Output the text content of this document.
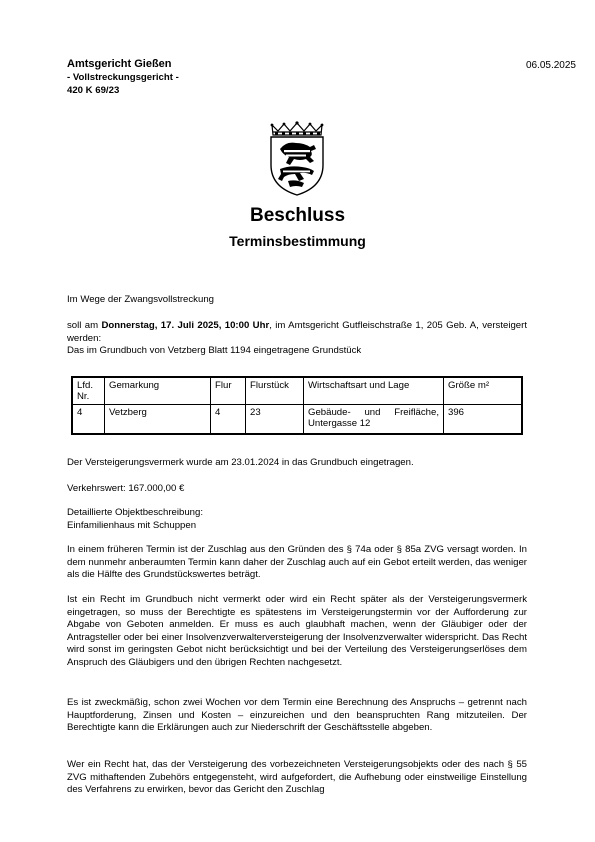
Amtsgericht Gießen
- Vollstreckungsgericht -
420 K 69/23
06.05.2025
Beschluss
Terminsbestimmung
Im Wege der Zwangsvollstreckung
soll am Donnerstag, 17. Juli 2025, 10:00 Uhr, im Amtsgericht Gutfleischstraße 1, 205 Geb. A, versteigert werden:
Das im Grundbuch von Vetzberg Blatt 1194 eingetragene Grundstück
Lfd. Nr.	Gemarkung	Flur	Flurstück	Wirtschaftsart und Lage	Größe m²
4	Vetzberg	4	23	Gebäude- und Freifläche, Untergasse 12	396
Der Versteigerungsvermerk wurde am 23.01.2024 in das Grundbuch eingetragen.
Verkehrswert: 167.000,00 €
Detaillierte Objektbeschreibung:
Einfamilienhaus mit Schuppen
In einem früheren Termin ist der Zuschlag aus den Gründen des § 74a oder § 85a ZVG versagt worden. In dem nunmehr anberaumten Termin kann daher der Zuschlag auch auf ein Gebot erteilt werden, das weniger als die Hälfte des Grundstückswertes beträgt.
Ist ein Recht im Grundbuch nicht vermerkt oder wird ein Recht später als der Versteigerungsvermerk eingetragen, so muss der Berechtigte es spätestens im Versteigerungstermin vor der Aufforderung zur Abgabe von Geboten anmelden. Er muss es auch glaubhaft machen, wenn der Gläubiger oder der Antragsteller oder bei einer Insolvenzverwalterversteigerung der Insolvenzverwalter widerspricht. Das Recht wird sonst im geringsten Gebot nicht berücksichtigt und bei der Verteilung des Versteigerungserlöses dem Anspruch des Gläubigers und den übrigen Rechten nachgesetzt.
Es ist zweckmäßig, schon zwei Wochen vor dem Termin eine Berechnung des Anspruchs – getrennt nach Hauptforderung, Zinsen und Kosten – einzureichen und den beanspruchten Rang mitzuteilen. Der Berechtigte kann die Erklärungen auch zur Niederschrift der Geschäftsstelle abgeben.
Wer ein Recht hat, das der Versteigerung des vorbezeichneten Versteigerungsobjekts oder des nach § 55 ZVG mithaftenden Zubehörs entgegensteht, wird aufgefordert, die Aufhebung oder einstweilige Einstellung des Verfahrens zu erwirken, bevor das Gericht den Zuschlag
